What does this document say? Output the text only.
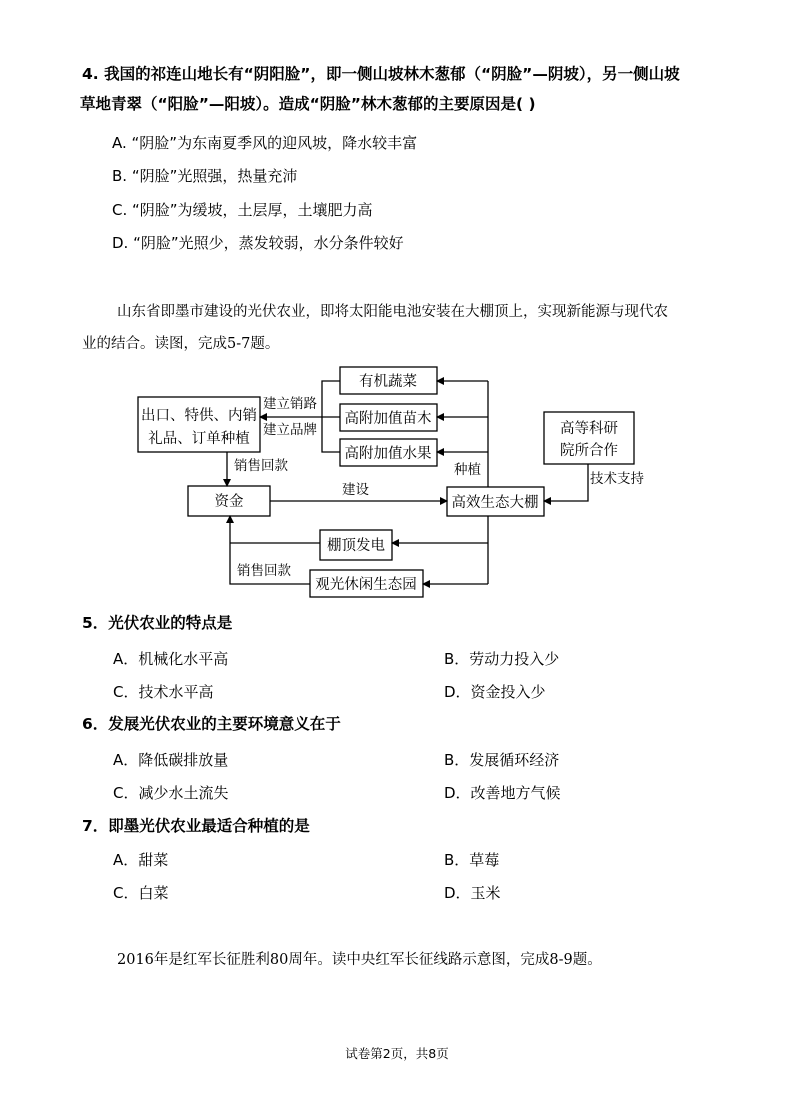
4. 我国的祁连山地长有“阴阳脸”，即一侧山坡林木葱郁（“阴脸”—阴坡），另一侧山坡
草地青翠（“阳脸”—阳坡）。造成“阴脸”林木葱郁的主要原因是( )
A. “阴脸”为东南夏季风的迎风坡，降水较丰富
B. “阴脸”光照强，热量充沛
C. “阴脸”为缓坡，土层厚，土壤肥力高
D. “阴脸”光照少，蒸发较弱，水分条件较好
山东省即墨市建设的光伏农业，即将太阳能电池安装在大棚顶上，实现新能源与现代农
业的结合。读图，完成5-7题。
出口、特供、内销
礼品、订单种植
有机蔬菜
高附加值苗木
高附加值水果
高等科研
院所合作
资金	高效生态大棚
棚顶发电
观光休闲生态园
建立销路
建立品牌
销售回款	种植
技术支持
建设
销售回款
5．光伏农业的特点是
A．机械化水平高	B．劳动力投入少
C．技术水平高	D．资金投入少
6．发展光伏农业的主要环境意义在于
A．降低碳排放量	B．发展循环经济
C．减少水土流失	D．改善地方气候
7．即墨光伏农业最适合种植的是
A．甜菜	B．草莓
C．白菜	D．玉米
2016年是红军长征胜利80周年。读中央红军长征线路示意图，完成8-9题。
试卷第2页，共8页
